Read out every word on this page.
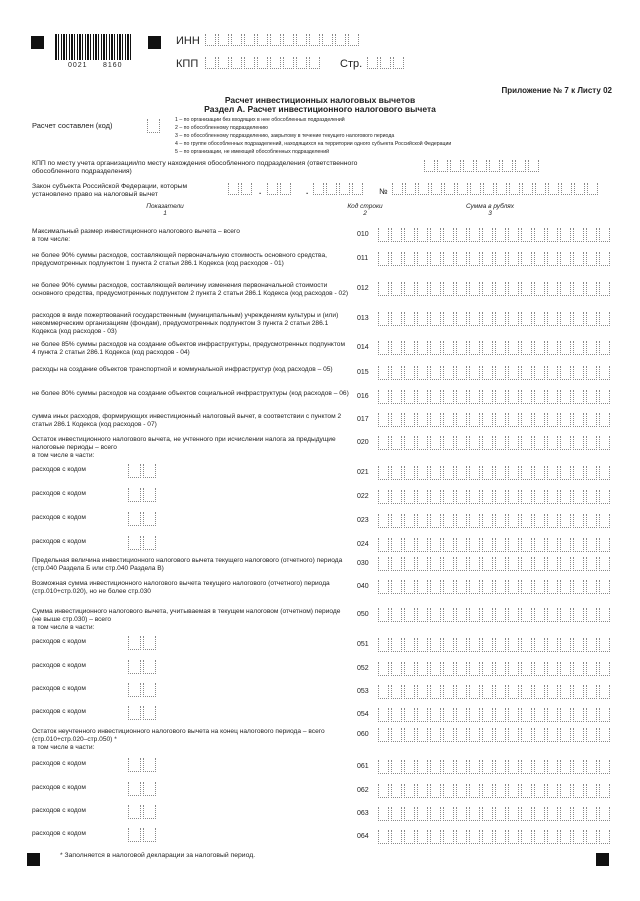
0021 8160
ИНН
КПП	Стр.
Приложение № 7 к Листу 02
Расчет инвестиционных налоговых вычетов
Раздел А. Расчет инвестиционного налогового вычета
Расчет составлен (код)
1 – по организации без входящих в нее обособленных подразделений
2 – по обособленному подразделению
3 – по обособленному подразделению, закрытому в течение текущего налогового периода
4 – по группе обособленных подразделений, находящихся на территории одного субъекта Российской Федерации
5 – по организации, не имеющей обособленных подразделений
КПП по месту учета организации/по месту нахождения обособленного подразделения (ответственного обособленного подразделения)
Закон субъекта Российской Федерации, которым установлено право на налоговый вычет	.	.	№
Показатели
1
Код строки
2
Сумма в рублях
3
Максимальный размер инвестиционного налогового вычета – всего
в том числе:
010
не более 90% суммы расходов, составляющей первоначальную стоимость основного средства, предусмотренных подпунктом 1 пункта 2 статьи 286.1 Кодекса (код расходов - 01)
011
не более 90% суммы расходов, составляющей величину изменения первоначальной стоимости основного средства, предусмотренных подпунктом 2 пункта 2 статьи 286.1 Кодекса (код расходов - 02)
012
расходов в виде пожертвований государственным (муниципальным) учреждениям культуры и (или) некоммерческим организациям (фондам), предусмотренных подпунктом 3 пункта 2 статьи 286.1 Кодекса (код расходов - 03)
013
не более 85% суммы расходов на создание объектов инфраструктуры, предусмотренных подпунктом 4 пункта 2 статьи 286.1 Кодекса (код расходов - 04)
014
расходы на создание объектов транспортной и коммунальной инфраструктур (код расходов – 05)	015
не более 80% суммы расходов на создание объектов социальной инфраструктуры (код расходов – 06) 016
сумма иных расходов, формирующих инвестиционный налоговый вычет, в соответствии с пунктом 2 статьи 286.1 Кодекса (код расходов - 07)
017
Остаток инвестиционного налогового вычета, не учтенного при исчислении налога за предыдущие налоговые периоды – всего
в том числе в части:
020
расходов с кодом	021
расходов с кодом	022
расходов с кодом	023
расходов с кодом	024
Предельная величина инвестиционного налогового вычета текущего налогового (отчетного) периода (стр.040 Раздела Б или стр.040 Раздела В)
030
Возможная сумма инвестиционного налогового вычета текущего налогового (отчетного) периода (стр.010+стр.020), но не более стр.030
040
Сумма инвестиционного налогового вычета, учитываемая в текущем налоговом (отчетном) периоде (не выше стр.030) – всего
в том числе в части:
050
расходов с кодом	051
расходов с кодом	052
расходов с кодом	053
расходов с кодом	054
Остаток неучтенного инвестиционного налогового вычета на конец налогового периода – всего (стр.010+стр.020–стр.050) *
в том числе в части:
060
расходов с кодом	061
расходов с кодом	062
расходов с кодом	063
расходов с кодом	064
* Заполняется в налоговой декларации за налоговый период.
